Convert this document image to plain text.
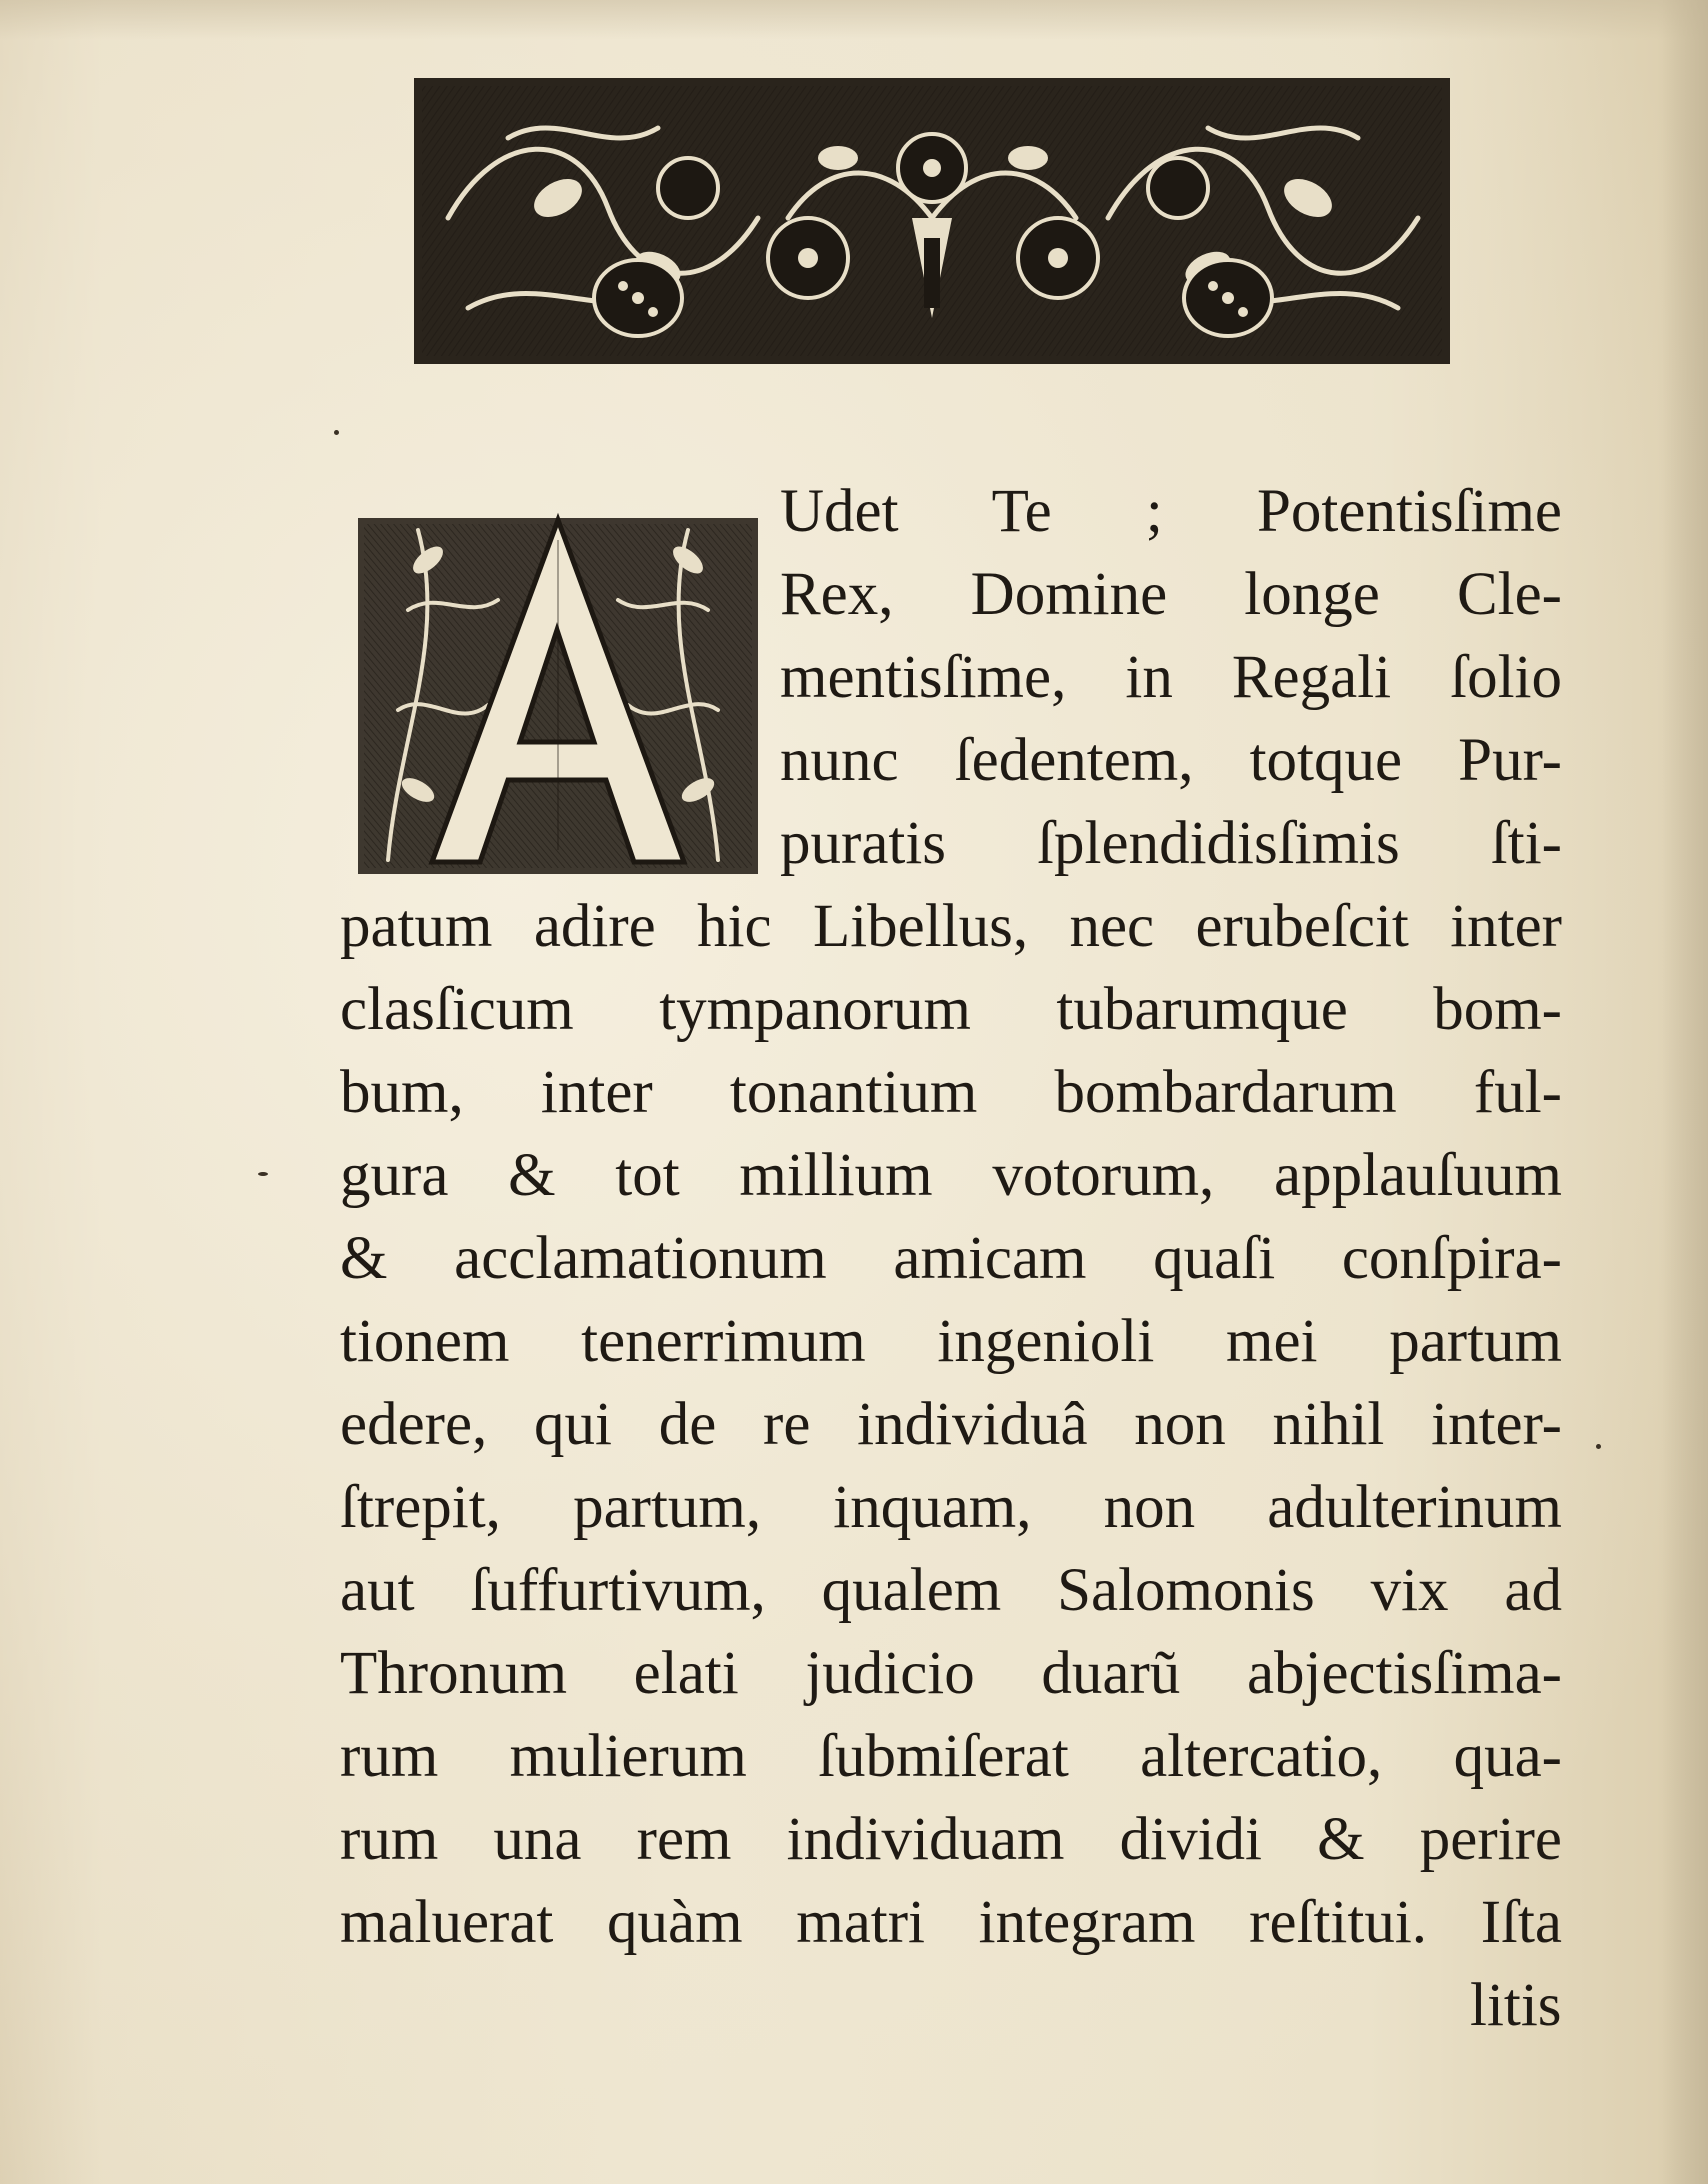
Udet Te ; Potentisſime
Rex, Domine longe Cle-
mentisſime, in Regali ſolio
nunc ſedentem, totque Pur-
puratis ſplendidisſimis ſti-
patum adire hic Libellus, nec erubeſcit inter
clasſicum tympanorum tubarumque bom-
bum, inter tonantium bombardarum ful-
gura & tot millium votorum, applauſuum
& acclamationum amicam quaſi conſpira-
tionem tenerrimum ingenioli mei partum
edere, qui de re individuâ non nihil inter-
ſtrepit, partum, inquam, non adulterinum
aut ſuffurtivum, qualem Salomonis vix ad
Thronum elati judicio duarũ abjectisſima-
rum mulierum ſubmiſerat altercatio, qua-
rum una rem individuam dividi & perire
maluerat quàm matri integram reſtitui. Iſta
litis
